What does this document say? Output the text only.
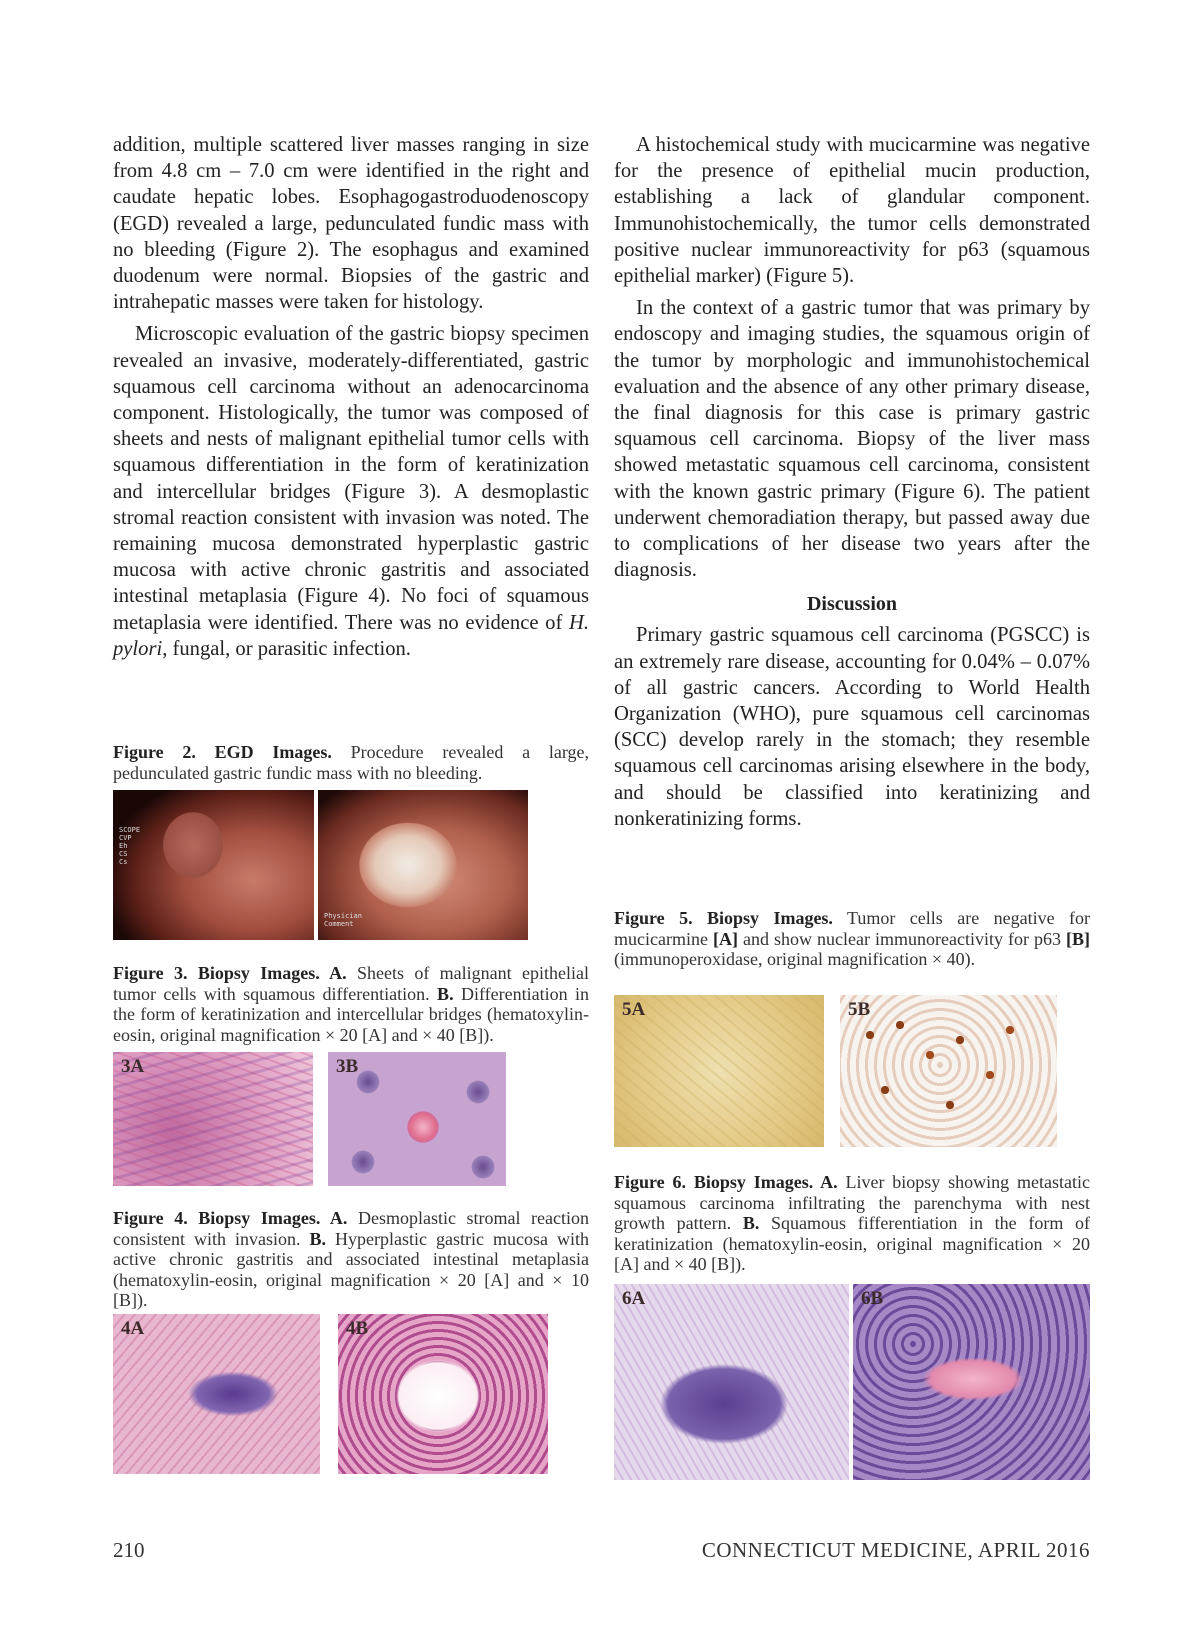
addition, multiple scattered liver masses ranging in size from 4.8 cm – 7.0 cm were identified in the right and caudate hepatic lobes. Esophagogastroduodenoscopy (EGD) revealed a large, pedunculated fundic mass with no bleeding (Figure 2). The esophagus and examined duodenum were normal. Biopsies of the gastric and intrahepatic masses were taken for histology.

Microscopic evaluation of the gastric biopsy specimen revealed an invasive, moderately-differentiated, gastric squamous cell carcinoma without an adenocarcinoma component. Histologically, the tumor was composed of sheets and nests of malignant epithelial tumor cells with squamous differentiation in the form of keratinization and intercellular bridges (Figure 3). A desmoplastic stromal reaction consistent with invasion was noted. The remaining mucosa demonstrated hyperplastic gastric mucosa with active chronic gastritis and associated intestinal metaplasia (Figure 4). No foci of squamous metaplasia were identified. There was no evidence of H. pylori, fungal, or parasitic infection.

Figure 2. EGD Images. Procedure revealed a large, pedunculated gastric fundic mass with no bleeding.

SCOPE
CVP
Eh
CS
Cs
Physician
Comment

Figure 3. Biopsy Images. A. Sheets of malignant epithelial tumor cells with squamous differentiation. B. Differentiation in the form of keratinization and intercellular bridges (hematoxylin-eosin, original magnification × 20 [A] and × 40 [B]).

3A	3B

Figure 4. Biopsy Images. A. Desmoplastic stromal reaction consistent with invasion. B. Hyperplastic gastric mucosa with active chronic gastritis and associated intestinal metaplasia (hematoxylin-eosin, original magnification × 20 [A] and × 10 [B]).

4A	4B

A histochemical study with mucicarmine was negative for the presence of epithelial mucin production, establishing a lack of glandular component. Immunohistochemically, the tumor cells demonstrated positive nuclear immunoreactivity for p63 (squamous epithelial marker) (Figure 5).

In the context of a gastric tumor that was primary by endoscopy and imaging studies, the squamous origin of the tumor by morphologic and immunohistochemical evaluation and the absence of any other primary disease, the final diagnosis for this case is primary gastric squamous cell carcinoma. Biopsy of the liver mass showed metastatic squamous cell carcinoma, consistent with the known gastric primary (Figure 6). The patient underwent chemoradiation therapy, but passed away due to complications of her disease two years after the diagnosis.

Discussion

Primary gastric squamous cell carcinoma (PGSCC) is an extremely rare disease, accounting for 0.04% – 0.07% of all gastric cancers. According to World Health Organization (WHO), pure squamous cell carcinomas (SCC) develop rarely in the stomach; they resemble squamous cell carcinomas arising elsewhere in the body, and should be classified into keratinizing and nonkeratinizing forms.

Figure 5. Biopsy Images. Tumor cells are negative for mucicarmine [A] and show nuclear immunoreactivity for p63 [B] (immunoperoxidase, original magnification × 40).

5A	5B

Figure 6. Biopsy Images. A. Liver biopsy showing metastatic squamous carcinoma infiltrating the parenchyma with nest growth pattern. B. Squamous fifferentiation in the form of keratinization (hematoxylin-eosin, original magnification × 20 [A] and × 40 [B]).

6A	6B
210	CONNECTICUT MEDICINE, APRIL 2016
